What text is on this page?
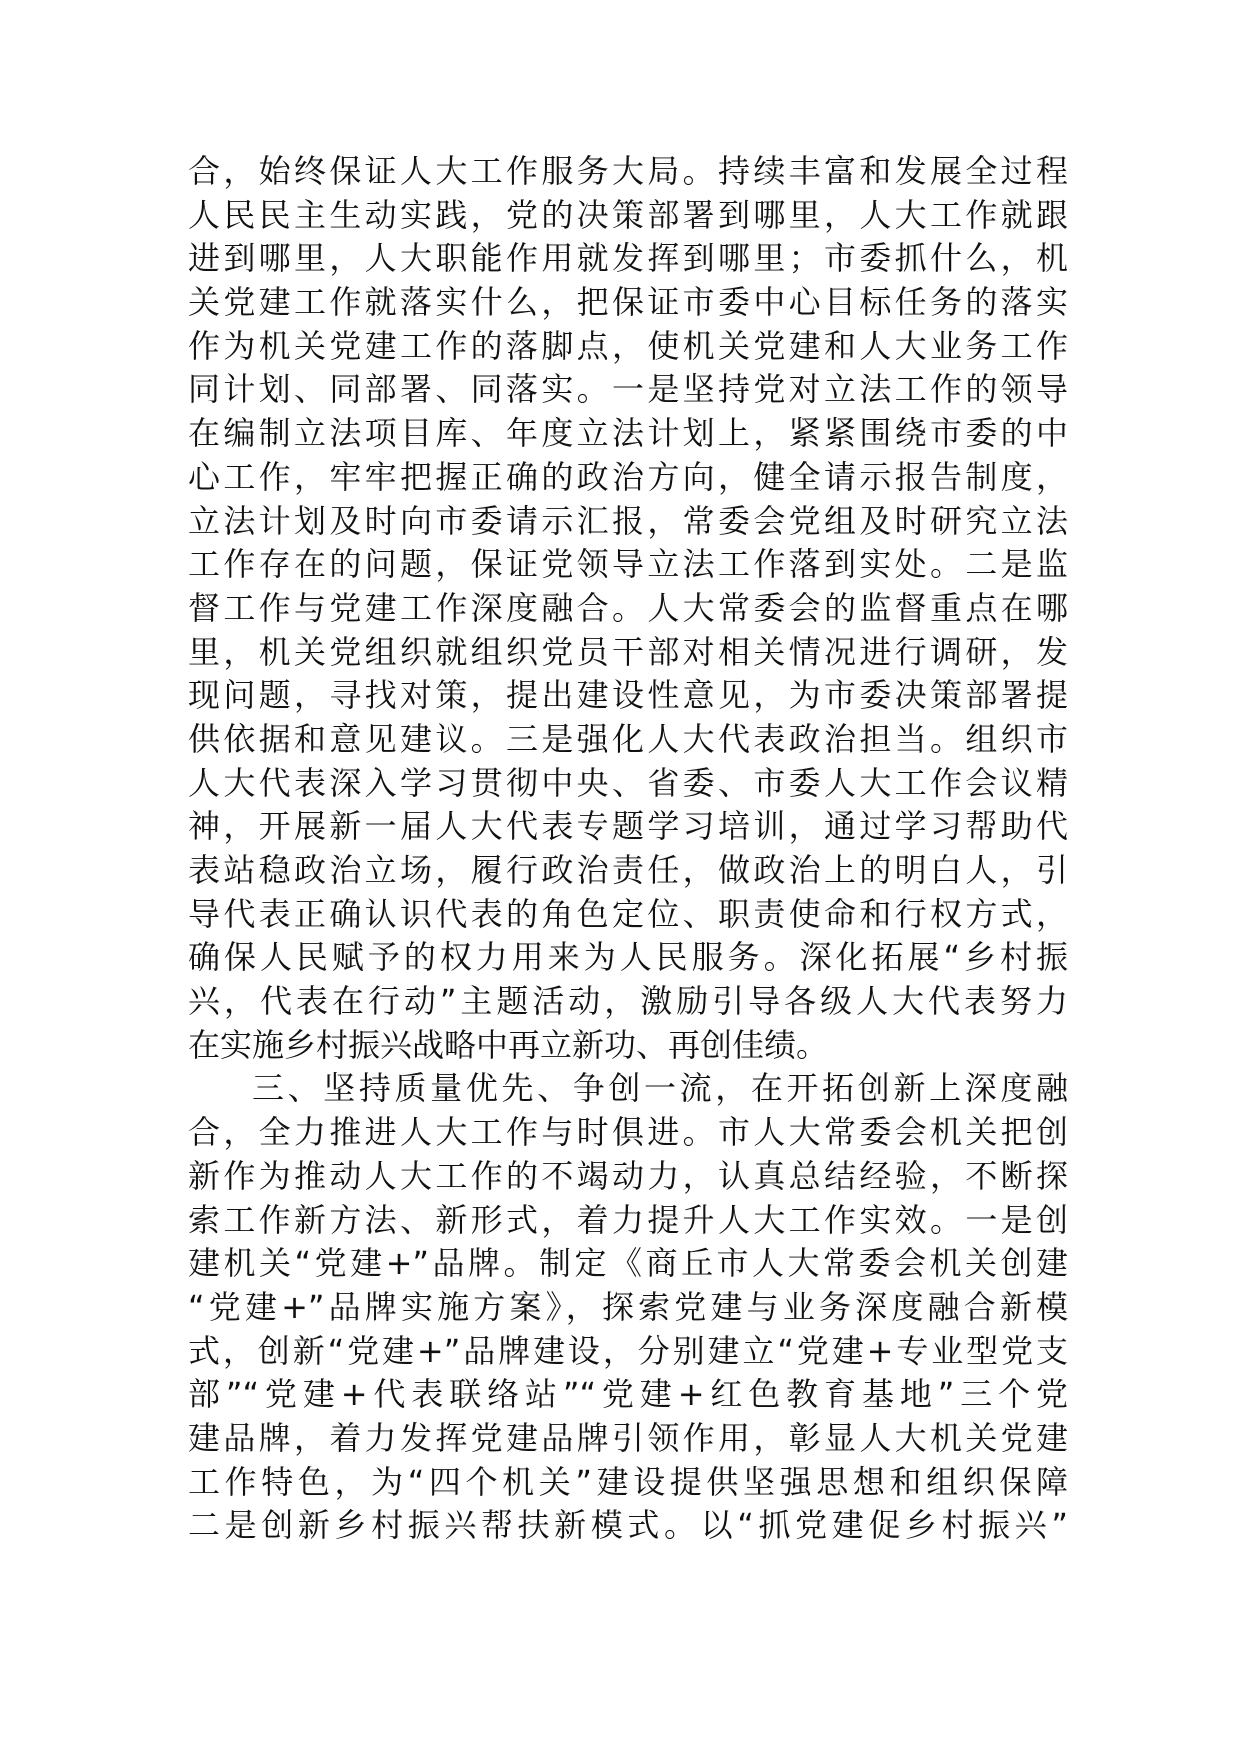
合，始终保证人大工作服务大局。持续丰富和发展全过程
人民民主生动实践，党的决策部署到哪里，人大工作就跟
进到哪里，人大职能作用就发挥到哪里；市委抓什么，机
关党建工作就落实什么，把保证市委中心目标任务的落实
作为机关党建工作的落脚点，使机关党建和人大业务工作
同计划、同部署、同落实。一是坚持党对立法工作的领导
在编制立法项目库、年度立法计划上，紧紧围绕市委的中
心工作，牢牢把握正确的政治方向，健全请示报告制度，
立法计划及时向市委请示汇报，常委会党组及时研究立法
工作存在的问题，保证党领导立法工作落到实处。二是监
督工作与党建工作深度融合。人大常委会的监督重点在哪
里，机关党组织就组织党员干部对相关情况进行调研，发
现问题，寻找对策，提出建设性意见，为市委决策部署提
供依据和意见建议。三是强化人大代表政治担当。组织市
人大代表深入学习贯彻中央、省委、市委人大工作会议精
神，开展新一届人大代表专题学习培训，通过学习帮助代
表站稳政治立场，履行政治责任，做政治上的明白人，引
导代表正确认识代表的角色定位、职责使命和行权方式，
确保人民赋予的权力用来为人民服务。深化拓展“乡村振
兴，代表在行动”主题活动，激励引导各级人大代表努力
在实施乡村振兴战略中再立新功、再创佳绩。
三、坚持质量优先、争创一流，在开拓创新上深度融
合，全力推进人大工作与时俱进。市人大常委会机关把创
新作为推动人大工作的不竭动力，认真总结经验，不断探
索工作新方法、新形式，着力提升人大工作实效。一是创
建机关“党建+”品牌。制定《商丘市人大常委会机关创建
“党建+”品牌实施方案》，探索党建与业务深度融合新模
式，创新“党建+”品牌建设，分别建立“党建+专业型党支
部”“党建+代表联络站”“党建+红色教育基地”三个党
建品牌，着力发挥党建品牌引领作用，彰显人大机关党建
工作特色，为“四个机关”建设提供坚强思想和组织保障
二是创新乡村振兴帮扶新模式。以“抓党建促乡村振兴”
